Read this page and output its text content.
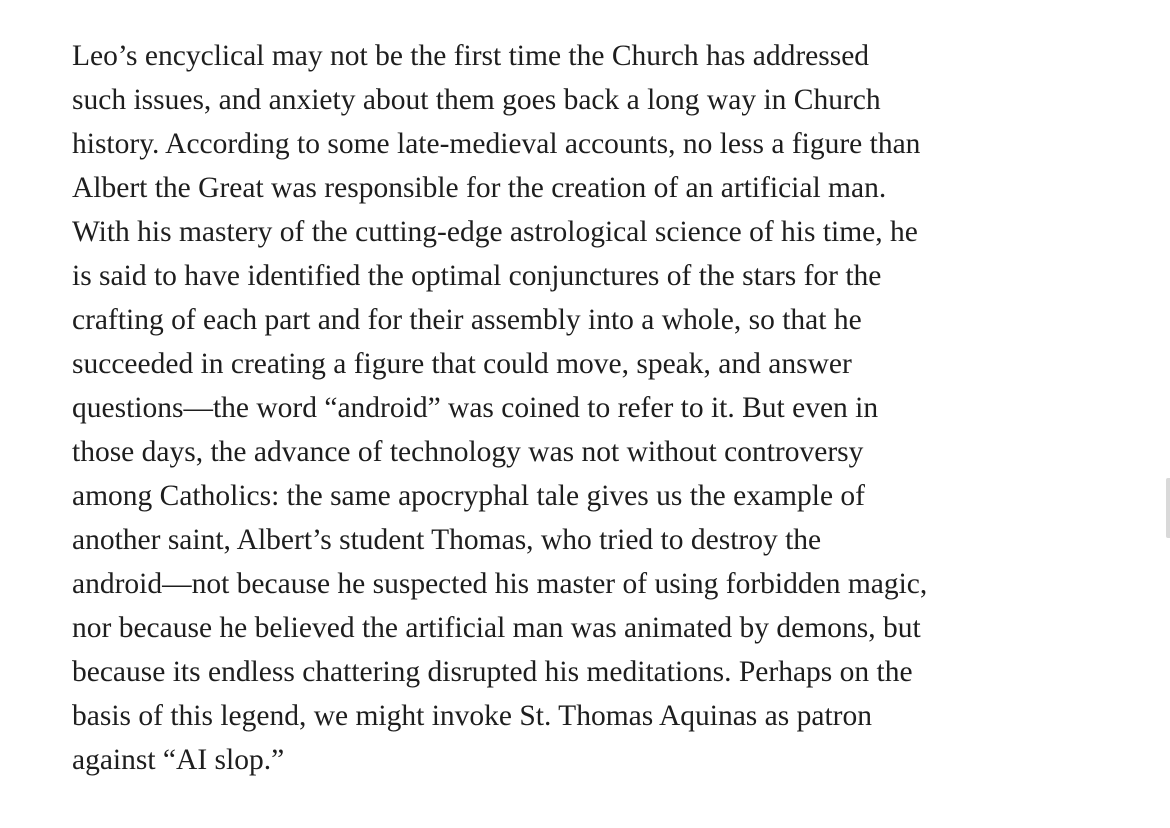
Leo’s encyclical may not be the first time the Church has addressed
such issues, and anxiety about them goes back a long way in Church
history. According to some late-medieval accounts, no less a figure than
Albert the Great was responsible for the creation of an artificial man.
With his mastery of the cutting-edge astrological science of his time, he
is said to have identified the optimal conjunctures of the stars for the
crafting of each part and for their assembly into a whole, so that he
succeeded in creating a figure that could move, speak, and answer
questions—the word “android” was coined to refer to it. But even in
those days, the advance of technology was not without controversy
among Catholics: the same apocryphal tale gives us the example of
another saint, Albert’s student Thomas, who tried to destroy the
android—not because he suspected his master of using forbidden magic,
nor because he believed the artificial man was animated by demons, but
because its endless chattering disrupted his meditations. Perhaps on the
basis of this legend, we might invoke St. Thomas Aquinas as patron
against “AI slop.”
